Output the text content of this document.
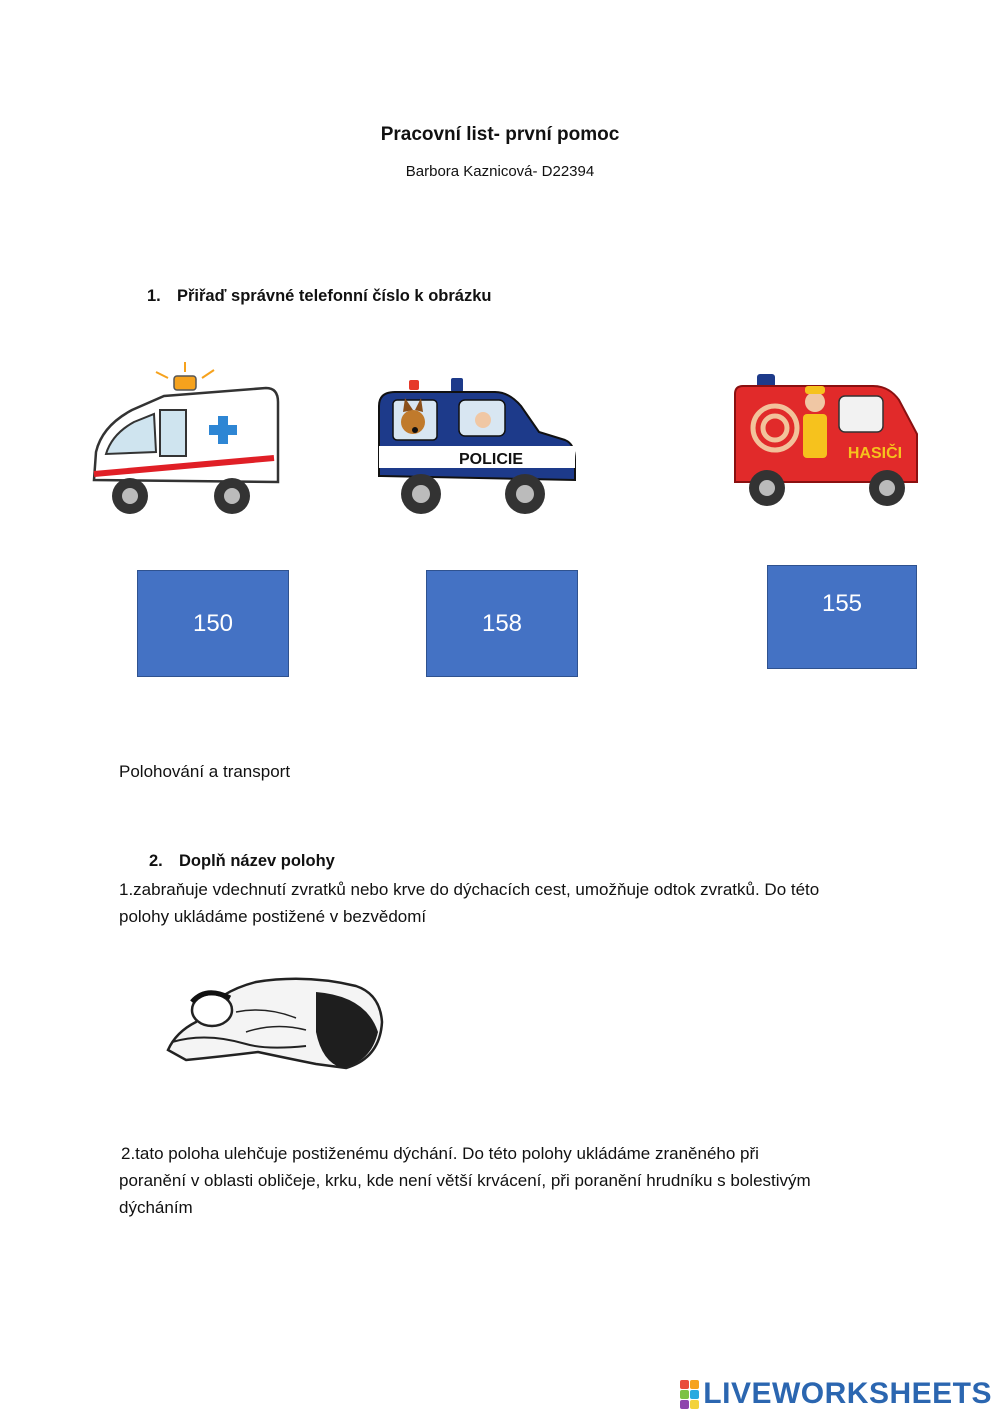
Pracovní list- první pomoc
Barbora Kaznicová- D22394
1. Přiřaď správné telefonní číslo k obrázku
POLICIE	HASIČI
150	158
155
Polohování a transport
2. Doplň název polohy
1.zabraňuje vdechnutí zvratků nebo krve do dýchacích cest, umožňuje odtok zvratků. Do této
polohy ukládáme postižené v bezvědomí
2.tato poloha ulehčuje postiženému dýchání. Do této polohy ukládáme zraněného při
poranění v oblasti obličeje, krku, kde není větší krvácení, při poranění hrudníku s bolestivým
dýcháním
LIVEWORKSHEETS
